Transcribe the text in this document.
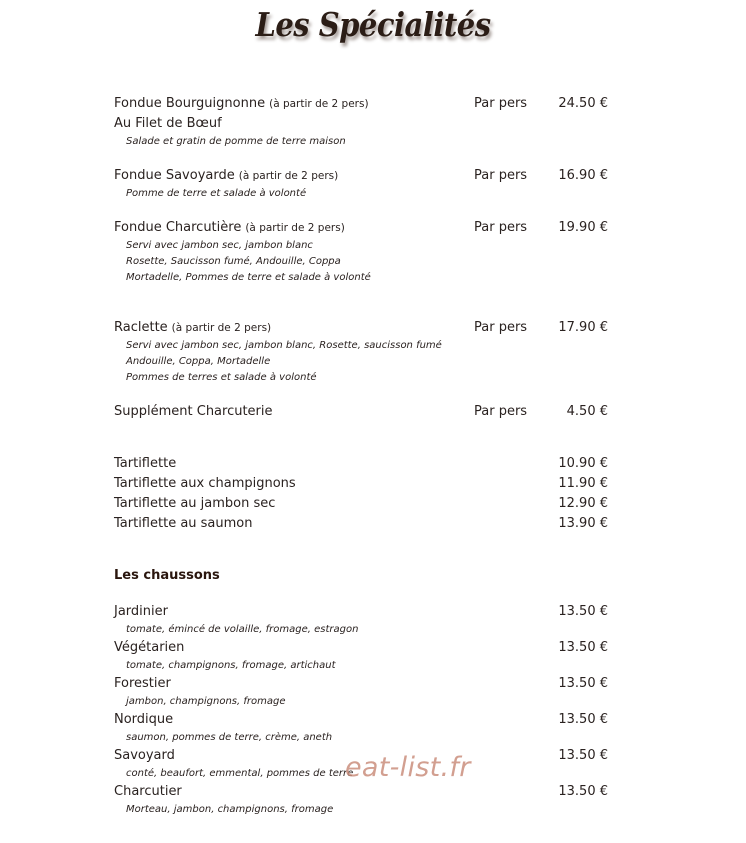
Les Spécialités
Fondue Bourguignonne (à partir de 2 pers)	Par pers	24.50 €
Au Filet de Bœuf
Salade et gratin de pomme de terre maison
Fondue Savoyarde (à partir de 2 pers)	Par pers	16.90 €
Pomme de terre et salade à volonté
Fondue Charcutière (à partir de 2 pers)	Par pers	19.90 €
Servi avec jambon sec, jambon blanc
Rosette, Saucisson fumé, Andouille, Coppa
Mortadelle, Pommes de terre et salade à volonté
Raclette (à partir de 2 pers)	Par pers	17.90 €
Servi avec jambon sec, jambon blanc, Rosette, saucisson fumé
Andouille, Coppa, Mortadelle
Pommes de terres et salade à volonté
Supplément Charcuterie	Par pers	4.50 €
Tartiflette	10.90 €
Tartiflette aux champignons	11.90 €
Tartiflette au jambon sec	12.90 €
Tartiflette au saumon	13.90 €
Les chaussons
Jardinier	13.50 €
tomate, émincé de volaille, fromage, estragon
Végétarien	13.50 €
tomate, champignons, fromage, artichaut
Forestier	13.50 €
jambon, champignons, fromage
Nordique	13.50 €
saumon, pommes de terre, crème, aneth
Savoyard	13.50 €
conté, beaufort, emmental, pommes de terre
Charcutier	13.50 €
Morteau, jambon, champignons, fromage
eat-list.fr
